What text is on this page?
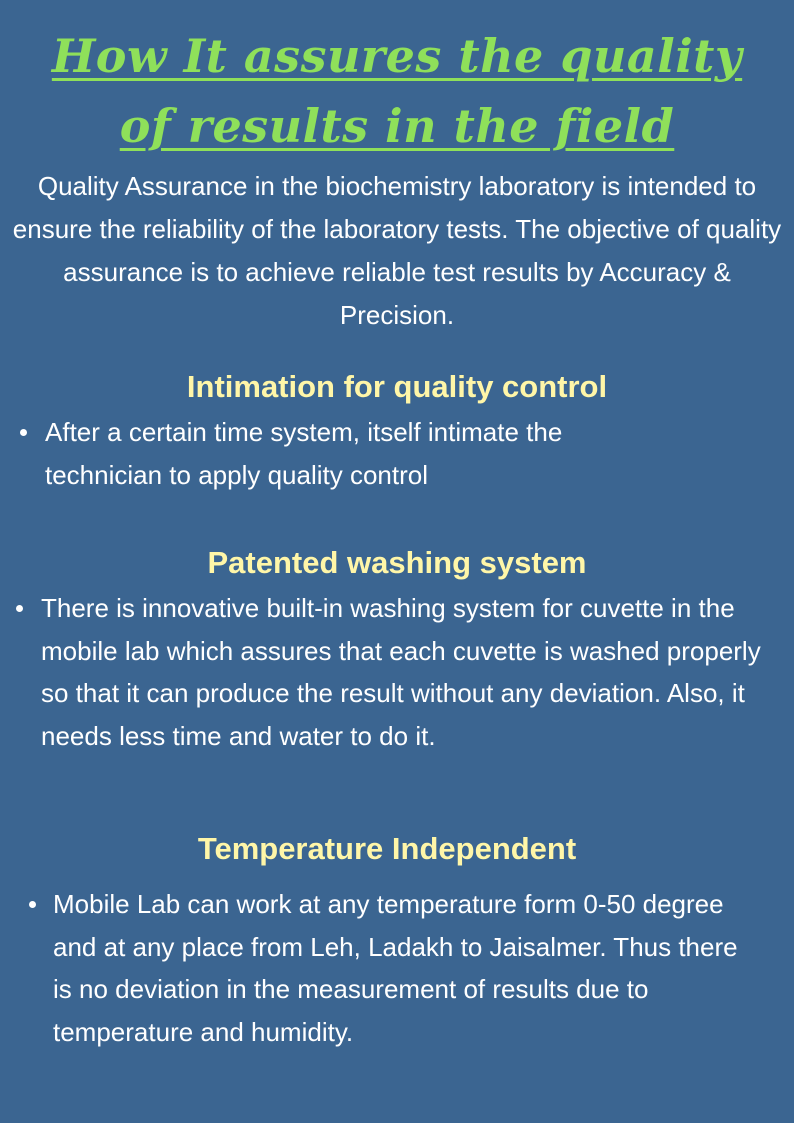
How It assures the quality
of results in the field

Quality Assurance in the biochemistry laboratory is intended to ensure the reliability of the laboratory tests. The objective of quality assurance is to achieve reliable test results by Accuracy & Precision.

Intimation for quality control
After a certain time system, itself intimate the technician to apply quality control
Patented washing system
There is innovative built-in washing system for cuvette in the mobile lab which assures that each cuvette is washed properly so that it can produce the result without any deviation. Also, it needs less time and water to do it.
Temperature Independent
Mobile Lab can work at any temperature form 0-50 degree and at any place from Leh, Ladakh to Jaisalmer. Thus there is no deviation in the measurement of results due to temperature and humidity.
